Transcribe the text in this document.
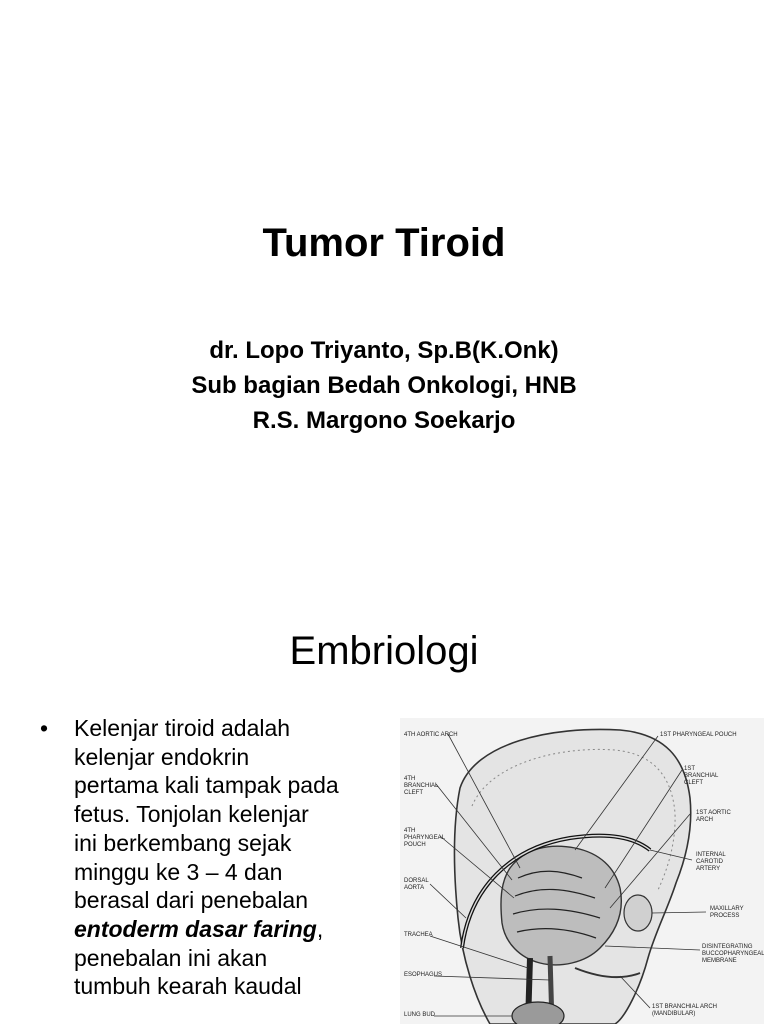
Tumor Tiroid
dr. Lopo Triyanto, Sp.B(K.Onk)
Sub bagian Bedah Onkologi, HNB
R.S. Margono Soekarjo
Embriologi
•	Kelenjar tiroid adalah
kelenjar endokrin
pertama kali tampak pada
fetus. Tonjolan kelenjar
ini berkembang sejak
minggu ke 3 – 4 dan
berasal dari penebalan
entoderm dasar faring,
penebalan ini akan
tumbuh kearah kaudal
4TH AORTIC ARCH
4TH BRANCHIAL CLEFT
4TH PHARYNGEAL POUCH
DORSAL AORTA
TRACHEA
ESOPHAGUS
LUNG BUD
1ST PHARYNGEAL POUCH
1ST BRANCHIAL CLEFT
1ST AORTIC ARCH
INTERNAL CAROTID ARTERY
MAXILLARY PROCESS
DISINTEGRATING BUCCOPHARYNGEAL MEMBRANE
1ST BRANCHIAL ARCH (MANDIBULAR)
